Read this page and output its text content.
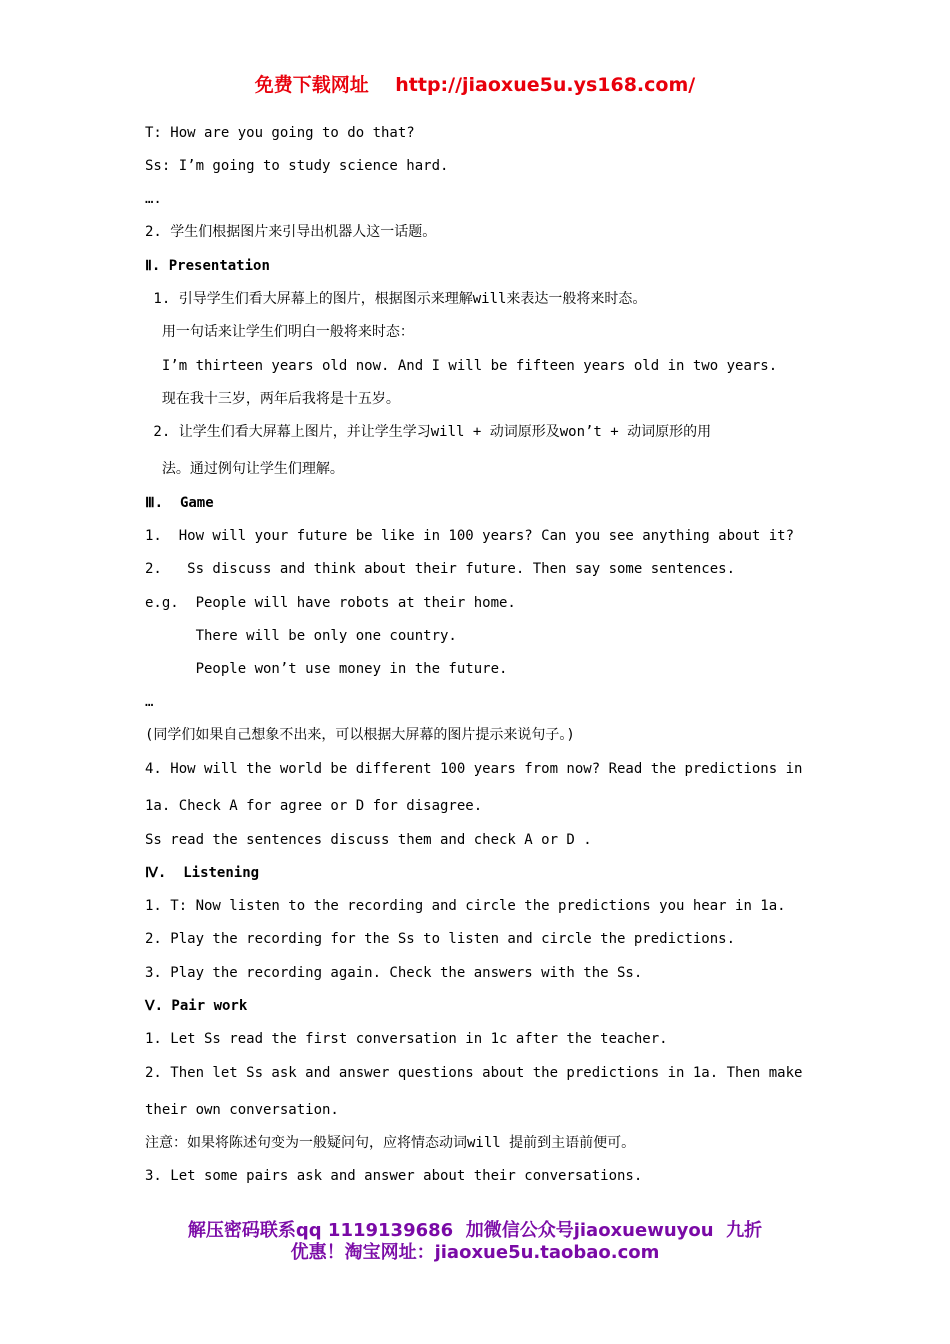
免费下载网址 http://jiaoxue5u.ys168.com/
T: How are you going to do that?
Ss: I’m going to study science hard.
….
2. 学生们根据图片来引导出机器人这一话题。
Ⅱ. Presentation
1. 引导学生们看大屏幕上的图片，根据图示来理解will来表达一般将来时态。
用一句话来让学生们明白一般将来时态：
I’m thirteen years old now. And I will be fifteen years old in two years.
现在我十三岁，两年后我将是十五岁。
2. 让学生们看大屏幕上图片，并让学生学习will + 动词原形及won’t + 动词原形的用
法。通过例句让学生们理解。
Ⅲ.  Game
1.  How will your future be like in 100 years? Can you see anything about it?
2.   Ss discuss and think about their future. Then say some sentences.
e.g.  People will have robots at their home.
There will be only one country.
People won’t use money in the future.
…
(同学们如果自己想象不出来，可以根据大屏幕的图片提示来说句子。)
4. How will the world be different 100 years from now? Read the predictions in
1a. Check A for agree or D for disagree.
Ss read the sentences discuss them and check A or D .
Ⅳ.  Listening
1. T: Now listen to the recording and circle the predictions you hear in 1a.
2. Play the recording for the Ss to listen and circle the predictions.
3. Play the recording again. Check the answers with the Ss.
Ⅴ. Pair work
1. Let Ss read the first conversation in 1c after the teacher.
2. Then let Ss ask and answer questions about the predictions in 1a. Then make
their own conversation.
注意：如果将陈述句变为一般疑问句，应将情态动词will 提前到主语前便可。
3. Let some pairs ask and answer about their conversations.
解压密码联系qq 1119139686  加微信公众号jiaoxuewuyou  九折
优惠！淘宝网址：jiaoxue5u.taobao.com
